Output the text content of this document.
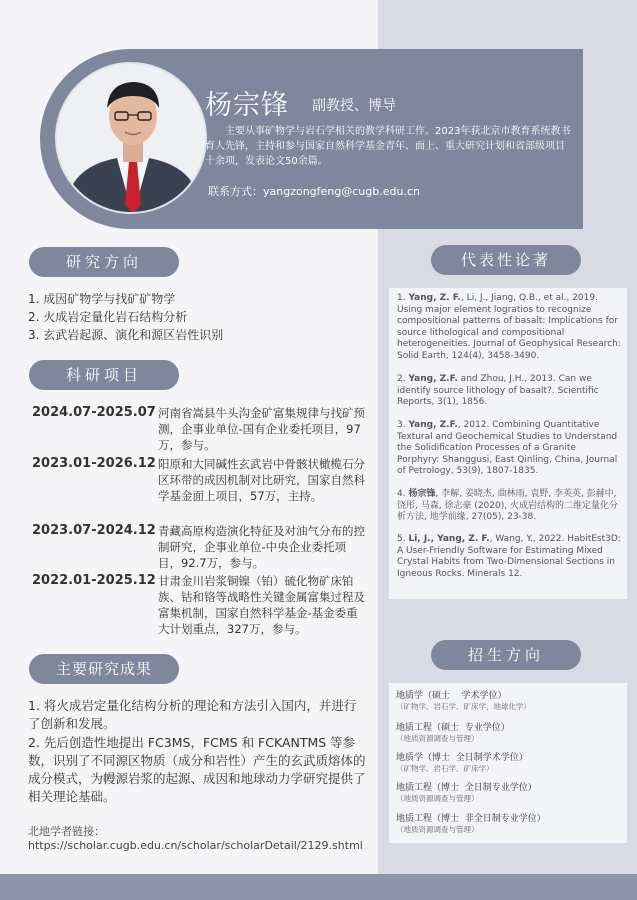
杨宗锋 副教授、博导
主要从事矿物学与岩石学相关的教学科研工作。2023年获北京市教育系统教书育人先锋，主持和参与国家自然科学基金青年、面上、重大研究计划和省部级项目十余项，发表论文50余篇。
联系方式：yangzongfeng@cugb.edu.cn
研究方向
1. 成因矿物学与找矿矿物学
2. 火成岩定量化岩石结构分析
3. 玄武岩起源、演化和源区岩性识别
科研项目
2024.07-2025.07 河南省嵩县牛头沟金矿富集规律与找矿预测，企事业单位-国有企业委托项目，97万，参与。
2023.01-2026.12 阳原和大同碱性玄武岩中骨骸状橄榄石分区环带的成因机制对比研究，国家自然科学基金面上项目，57万，主持。
2023.07-2024.12 青藏高原构造演化特征及对油气分布的控制研究，企事业单位-中央企业委托项目，92.7万，参与。
2022.01-2025.12 甘肃金川岩浆铜镍（铂）硫化物矿床铂族、钴和铬等战略性关键金属富集过程及富集机制，国家自然科学基金-基金委重大计划重点，327万，参与。
主要研究成果
1. 将火成岩定量化结构分析的理论和方法引入国内，并进行了创新和发展。
2. 先后创造性地提出 FC3MS，FCMS 和 FCKANTMS 等参数，识别了不同源区物质（成分和岩性）产生的玄武质熔体的成分模式，为幔源岩浆的起源、成因和地球动力学研究提供了相关理论基础。
北地学者链接：
https://scholar.cugb.edu.cn/scholar/scholarDetail/2129.shtml
代表性论著
1. Yang, Z. F., Li, J., Jiang, Q.B., et al., 2019. Using major element logratios to recognize compositional patterns of basalt: Implications for source lithological and compositional heterogeneities. Journal of Geophysical Research: Solid Earth, 124(4), 3458-3490.
2. Yang, Z.F. and Zhou, J.H., 2013. Can we identify source lithology of basalt?. Scientific Reports, 3(1), 1856.
3. Yang, Z.F., 2012. Combining Quantitative Textural and Geochemical Studies to Understand the Solidification Processes of a Granite Porphyry: Shanggusi, East Qinling, China, Journal of Petrology, 53(9), 1807-1835.
4. 杨宗锋, 李解, 姜晓杰, 曲林雨, 袁野, 李英英, 彭赫中, 饶彤, 马森, 徐志豪 (2020), 火成岩结构的二维定量化分析方法, 地学前缘, 27(05), 23-38.
5. Li, J., Yang, Z. F., Wang, Y., 2022. HabitEst3D: A User-Friendly Software for Estimating Mixed Crystal Habits from Two-Dimensional Sections in Igneous Rocks. Minerals 12.
招生方向
地质学（硕士    学术学位）
（矿物学、岩石学、矿床学，地球化学）
地质工程（硕士  专业学位）
（地质资源调查与管理）
地质学（博士  全日制学术学位）
（矿物学、岩石学、矿床学）
地质工程（博士  全日制专业学位）
（地质资源调查与管理）
地质工程（博士  非全日制专业学位）
（地质资源调查与管理）
